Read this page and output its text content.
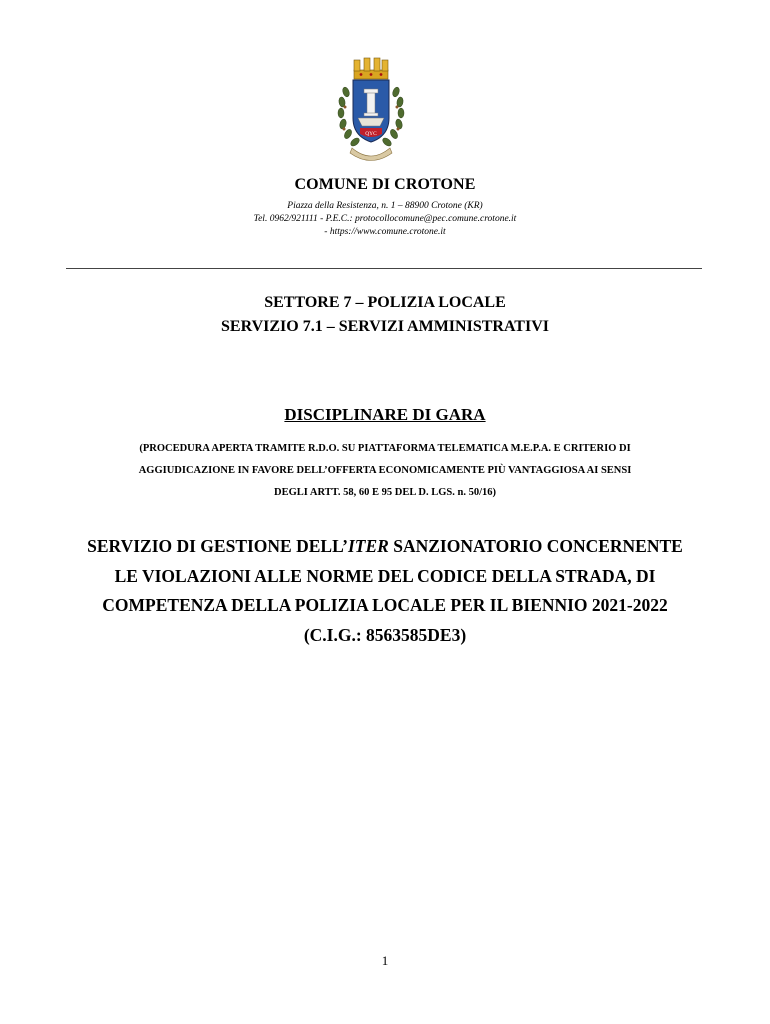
QYC
COMUNE DI CROTONE
Piazza della Resistenza, n. 1 – 88900 Crotone (KR)
Tel. 0962/921111 - P.E.C.: protocollocomune@pec.comune.crotone.it
- https://www.comune.crotone.it
SETTORE 7 – POLIZIA LOCALE
SERVIZIO 7.1 – SERVIZI AMMINISTRATIVI
DISCIPLINARE DI GARA
(PROCEDURA APERTA TRAMITE R.D.O. SU PIATTAFORMA TELEMATICA M.E.P.A. E CRITERIO DI
AGGIUDICAZIONE IN FAVORE DELL’OFFERTA ECONOMICAMENTE PIÙ VANTAGGIOSA AI SENSI
DEGLI ARTT. 58, 60 E 95 DEL D. LGS. n. 50/16)
SERVIZIO DI GESTIONE DELL’ITER SANZIONATORIO CONCERNENTE
LE VIOLAZIONI ALLE NORME DEL CODICE DELLA STRADA, DI
COMPETENZA DELLA POLIZIA LOCALE PER IL BIENNIO 2021-2022
(C.I.G.: 8563585DE3)
1
